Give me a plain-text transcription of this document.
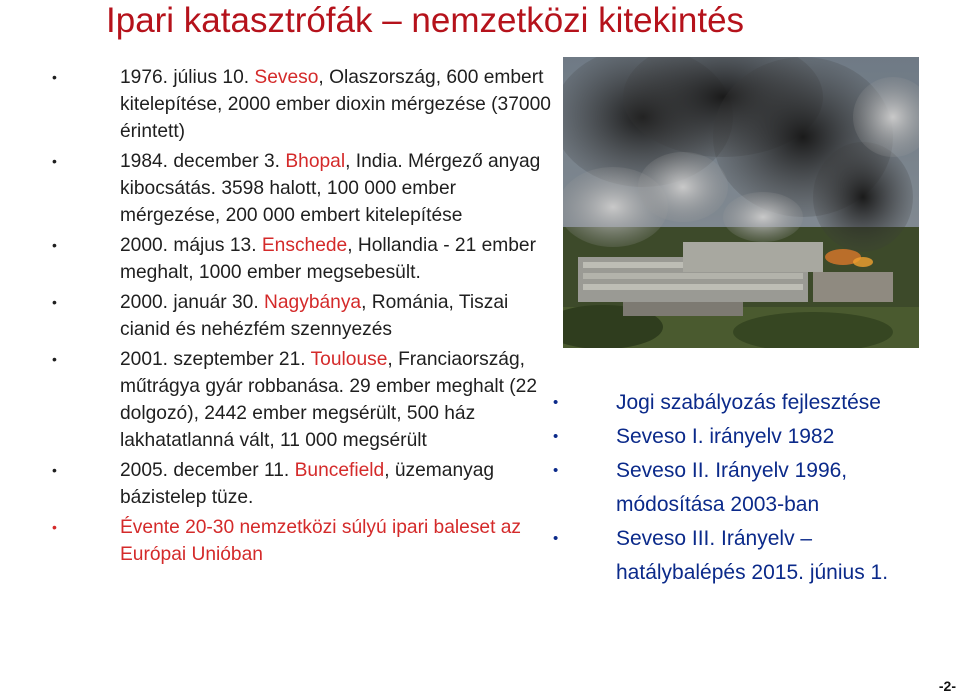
Ipari katasztrófák – nemzetközi kitekintés
•	1976. július 10. Seveso, Olaszország, 600 embert kitelepítése, 2000 ember dioxin mérgezése (37000 érintett)
•	1984. december 3. Bhopal, India. Mérgező anyag kibocsátás. 3598 halott, 100 000 ember mérgezése, 200 000 embert kitelepítése
•	2000. május 13. Enschede, Hollandia - 21 ember meghalt, 1000 ember megsebesült.
•	2000. január 30. Nagybánya, Románia, Tiszai cianid és nehézfém szennyezés
•	2001. szeptember 21. Toulouse, Franciaország, műtrágya gyár robbanása. 29 ember meghalt (22 dolgozó), 2442 ember megsérült, 500 ház lakhatatlanná vált, 11 000 megsérült
•	2005. december 11. Buncefield, üzemanyag bázistelep tüze.
•	Évente 20-30 nemzetközi súlyú ipari baleset az Európai Unióban
•	Jogi szabályozás fejlesztése
•	Seveso I. irányelv 1982
•	Seveso II. Irányelv 1996,
módosítása 2003-ban
•	Seveso III. Irányelv –
hatálybalépés 2015. június 1.
-2-
